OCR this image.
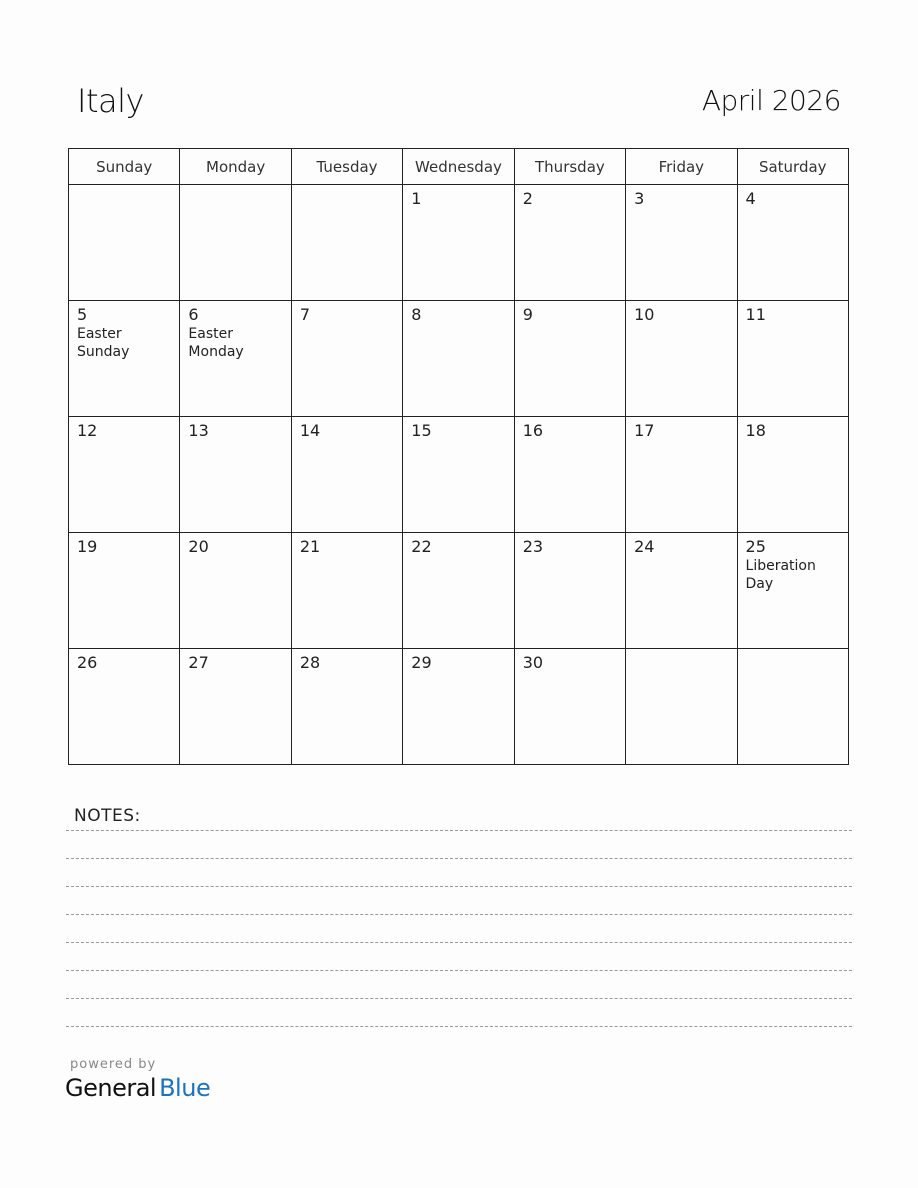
Italy	April 2026
Sunday	Monday	Tuesday	Wednesday	Thursday	Friday	Saturday

			1	2	3	4

5
Easter
Sunday	6
Easter
Monday	7	8	9	10	11

12	13	14	15	16	17	18

19	20	21	22	23	24	25
Liberation
Day

26	27	28	29	30		

NOTES:
powered by
General Blue
